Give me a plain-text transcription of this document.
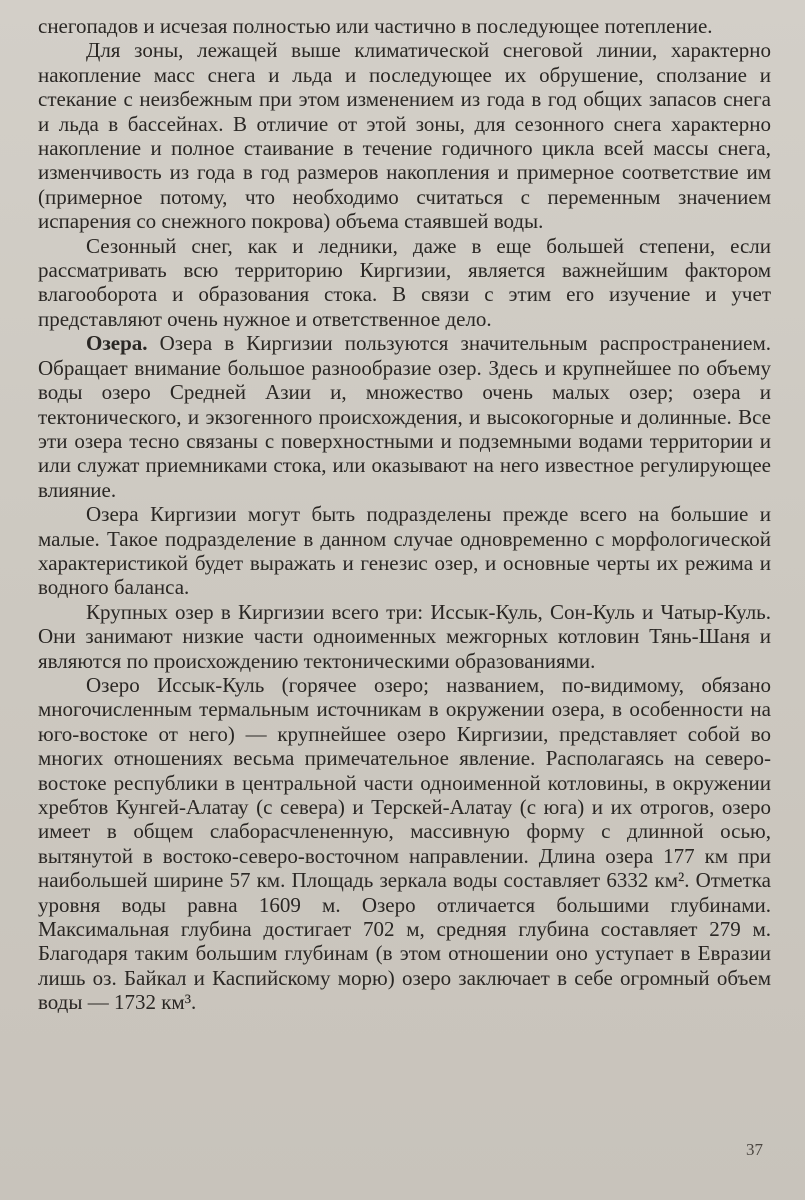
снегопадов и исчезая полностью или частично в последующее потепление.

Для зоны, лежащей выше климатической снеговой линии, характерно накопление масс снега и льда и последующее их обрушение, сползание и стекание с неизбежным при этом изменением из года в год общих запасов снега и льда в бассейнах. В отличие от этой зоны, для сезонного снега характерно накопление и полное стаивание в течение годичного цикла всей массы снега, изменчивость из года в год размеров накопления и примерное соответствие им (примерное потому, что необходимо считаться с переменным значением испарения со снежного покрова) объема стаявшей воды.

Сезонный снег, как и ледники, даже в еще большей степени, если рассматривать всю территорию Киргизии, является важнейшим фактором влагооборота и образования стока. В связи с этим его изучение и учет представляют очень нужное и ответственное дело.

Озера. Озера в Киргизии пользуются значительным распространением. Обращает внимание большое разнообразие озер. Здесь и крупнейшее по объему воды озеро Средней Азии и, множество очень малых озер; озера и тектонического, и экзогенного происхождения, и высокогорные и долинные. Все эти озера тесно связаны с поверхностными и подземными водами территории и или служат приемниками стока, или оказывают на него известное регулирующее влияние.

Озера Киргизии могут быть подразделены прежде всего на большие и малые. Такое подразделение в данном случае одновременно с морфологической характеристикой будет выражать и генезис озер, и основные черты их режима и водного баланса.

Крупных озер в Киргизии всего три: Иссык-Куль, Сон-Куль и Чатыр-Куль. Они занимают низкие части одноименных межгорных котловин Тянь-Шаня и являются по происхождению тектоническими образованиями.

Озеро Иссык-Куль (горячее озеро; названием, по-видимому, обязано многочисленным термальным источникам в окружении озера, в особенности на юго-востоке от него) — крупнейшее озеро Киргизии, представляет собой во многих отношениях весьма примечательное явление. Располагаясь на северо-востоке республики в центральной части одноименной котловины, в окружении хребтов Кунгей-Алатау (с севера) и Терскей-Алатау (с юга) и их отрогов, озеро имеет в общем слаборасчлененную, массивную форму с длинной осью, вытянутой в востоко-северо-восточном направлении. Длина озера 177 км при наибольшей ширине 57 км. Площадь зеркала воды составляет 6332 км². Отметка уровня воды равна 1609 м. Озеро отличается большими глубинами. Максимальная глубина достигает 702 м, средняя глубина составляет 279 м. Благодаря таким большим глубинам (в этом отношении оно уступает в Евразии лишь оз. Байкал и Каспийскому морю) озеро заключает в себе огромный объем воды — 1732 км³.

37
